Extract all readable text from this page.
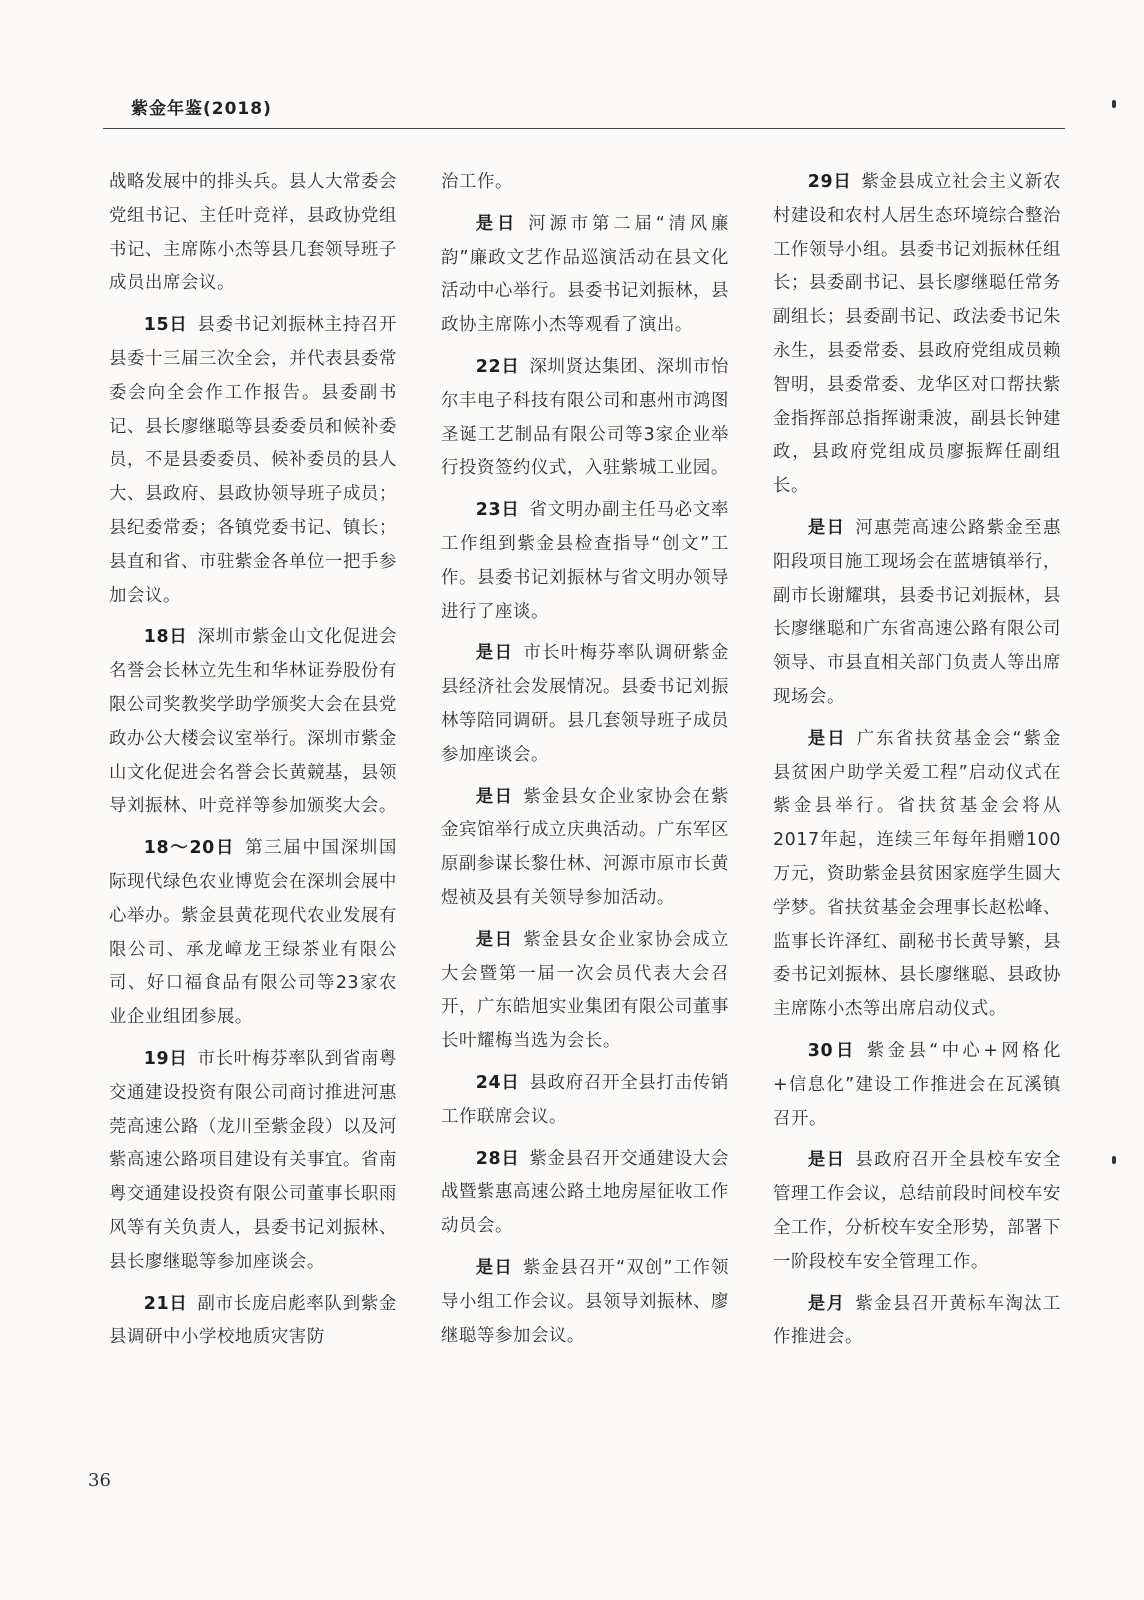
紫金年鉴(2018)

战略发展中的排头兵。县人大常委会党组书记、主任叶竞祥，县政协党组书记、主席陈小杰等县几套领导班子成员出席会议。

15日 县委书记刘振林主持召开县委十三届三次全会，并代表县委常委会向全会作工作报告。县委副书记、县长廖继聪等县委委员和候补委员，不是县委委员、候补委员的县人大、县政府、县政协领导班子成员；县纪委常委；各镇党委书记、镇长；县直和省、市驻紫金各单位一把手参加会议。

18日 深圳市紫金山文化促进会名誉会长林立先生和华林证券股份有限公司奖教奖学助学颁奖大会在县党政办公大楼会议室举行。深圳市紫金山文化促进会名誉会长黄競基，县领导刘振林、叶竞祥等参加颁奖大会。

18～20日 第三届中国深圳国际现代绿色农业博览会在深圳会展中心举办。紫金县黄花现代农业发展有限公司、承龙嶂龙王绿茶业有限公司、好口福食品有限公司等23家农业企业组团参展。

19日 市长叶梅芬率队到省南粤交通建设投资有限公司商讨推进河惠莞高速公路（龙川至紫金段）以及河紫高速公路项目建设有关事宜。省南粤交通建设投资有限公司董事长职雨风等有关负责人，县委书记刘振林、县长廖继聪等参加座谈会。

21日 副市长庞启彪率队到紫金县调研中小学校地质灾害防

治工作。

是日 河源市第二届“清风廉韵”廉政文艺作品巡演活动在县文化活动中心举行。县委书记刘振林，县政协主席陈小杰等观看了演出。

22日 深圳贤达集团、深圳市怡尔丰电子科技有限公司和惠州市鸿图圣诞工艺制品有限公司等3家企业举行投资签约仪式，入驻紫城工业园。

23日 省文明办副主任马必文率工作组到紫金县检查指导“创文”工作。县委书记刘振林与省文明办领导进行了座谈。

是日 市长叶梅芬率队调研紫金县经济社会发展情况。县委书记刘振林等陪同调研。县几套领导班子成员参加座谈会。

是日 紫金县女企业家协会在紫金宾馆举行成立庆典活动。广东军区原副参谋长黎仕林、河源市原市长黄煜祯及县有关领导参加活动。

是日 紫金县女企业家协会成立大会暨第一届一次会员代表大会召开，广东皓旭实业集团有限公司董事长叶耀梅当选为会长。

24日 县政府召开全县打击传销工作联席会议。

28日 紫金县召开交通建设大会战暨紫惠高速公路土地房屋征收工作动员会。

是日 紫金县召开“双创”工作领导小组工作会议。县领导刘振林、廖继聪等参加会议。

29日 紫金县成立社会主义新农村建设和农村人居生态环境综合整治工作领导小组。县委书记刘振林任组长；县委副书记、县长廖继聪任常务副组长；县委副书记、政法委书记朱永生，县委常委、县政府党组成员赖智明，县委常委、龙华区对口帮扶紫金指挥部总指挥谢秉波，副县长钟建政，县政府党组成员廖振辉任副组长。

是日 河惠莞高速公路紫金至惠阳段项目施工现场会在蓝塘镇举行，副市长谢耀琪，县委书记刘振林，县长廖继聪和广东省高速公路有限公司领导、市县直相关部门负责人等出席现场会。

是日 广东省扶贫基金会“紫金县贫困户助学关爱工程”启动仪式在紫金县举行。省扶贫基金会将从2017年起，连续三年每年捐赠100万元，资助紫金县贫困家庭学生圆大学梦。省扶贫基金会理事长赵松峰、监事长许泽红、副秘书长黄导繁，县委书记刘振林、县长廖继聪、县政协主席陈小杰等出席启动仪式。

30日 紫金县“中心+网格化+信息化”建设工作推进会在瓦溪镇召开。

是日 县政府召开全县校车安全管理工作会议，总结前段时间校车安全工作，分析校车安全形势，部署下一阶段校车安全管理工作。

是月 紫金县召开黄标车淘汰工作推进会。

36
